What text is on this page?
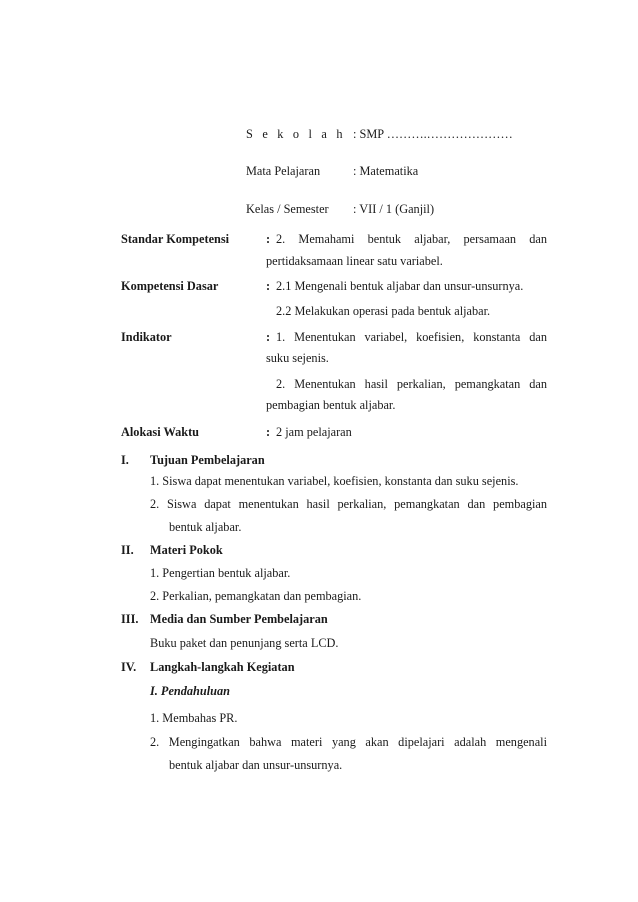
S e k o l a h : SMP ……….…………………
Mata Pelajaran	: Matematika
Kelas / Semester : VII / 1 (Ganjil)
Standar Kompetensi	: 2. Memahami bentuk aljabar, persamaan dan
pertidaksamaan linear satu variabel.
Kompetensi Dasar	: 2.1 Mengenali bentuk aljabar dan unsur-unsurnya.
2.2 Melakukan operasi pada bentuk aljabar.
Indikator	: 1. Menentukan variabel, koefisien, konstanta dan
suku sejenis.
2. Menentukan hasil perkalian, pemangkatan dan
pembagian bentuk aljabar.
Alokasi Waktu	: 2 jam pelajaran
I. Tujuan Pembelajaran
1. Siswa dapat menentukan variabel, koefisien, konstanta dan suku sejenis.
2. Siswa dapat menentukan hasil perkalian, pemangkatan dan pembagian
bentuk aljabar.
II. Materi Pokok
1. Pengertian bentuk aljabar.
2. Perkalian, pemangkatan dan pembagian.
III. Media dan Sumber Pembelajaran
Buku paket dan penunjang serta LCD.
IV. Langkah-langkah Kegiatan
I. Pendahuluan
1. Membahas PR.
2. Mengingatkan bahwa materi yang akan dipelajari adalah mengenali
bentuk aljabar dan unsur-unsurnya.
